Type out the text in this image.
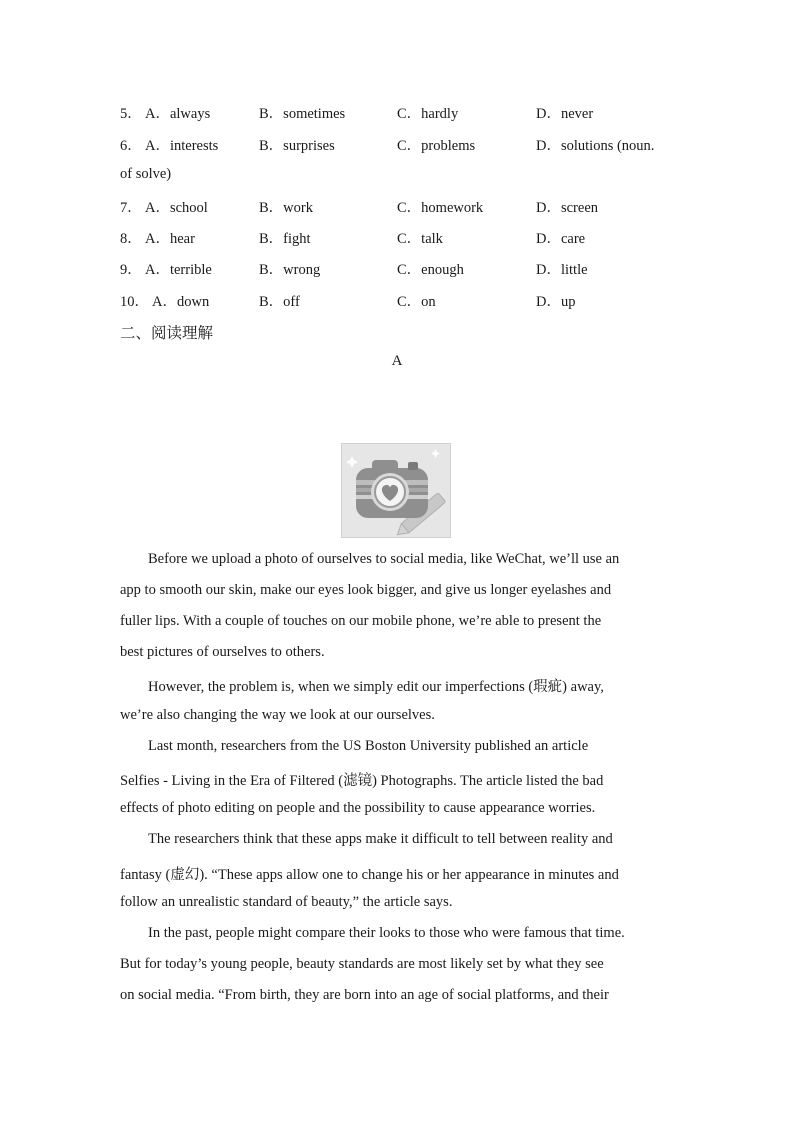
5． A．always	B．sometimes	C．hardly	D．never
6． A．interests	B．surprises	C．problems	D．solutions (noun.
of solve)
7． A．school	B．work	C．homework	D．screen
8． A．hear	B．fight	C．talk	D．care
9． A．terrible	B．wrong	C．enough	D．little
10． A．down	B．off	C．on	D．up
二、阅读理解
A
Before we upload a photo of ourselves to social media, like WeChat, we’ll use an
app to smooth our skin, make our eyes look bigger, and give us longer eyelashes and
fuller lips. With a couple of touches on our mobile phone, we’re able to present the
best pictures of ourselves to others.
However, the problem is, when we simply edit our imperfections (瑕疵) away,
we’re also changing the way we look at our ourselves.
Last month, researchers from the US Boston University published an article
Selfies - Living in the Era of Filtered (滤镜) Photographs. The article listed the bad
effects of photo editing on people and the possibility to cause appearance worries.
The researchers think that these apps make it difficult to tell between reality and
fantasy (虚幻). “These apps allow one to change his or her appearance in minutes and
follow an unrealistic standard of beauty,” the article says.
In the past, people might compare their looks to those who were famous that time.
But for today’s young people, beauty standards are most likely set by what they see
on social media. “From birth, they are born into an age of social platforms, and their
